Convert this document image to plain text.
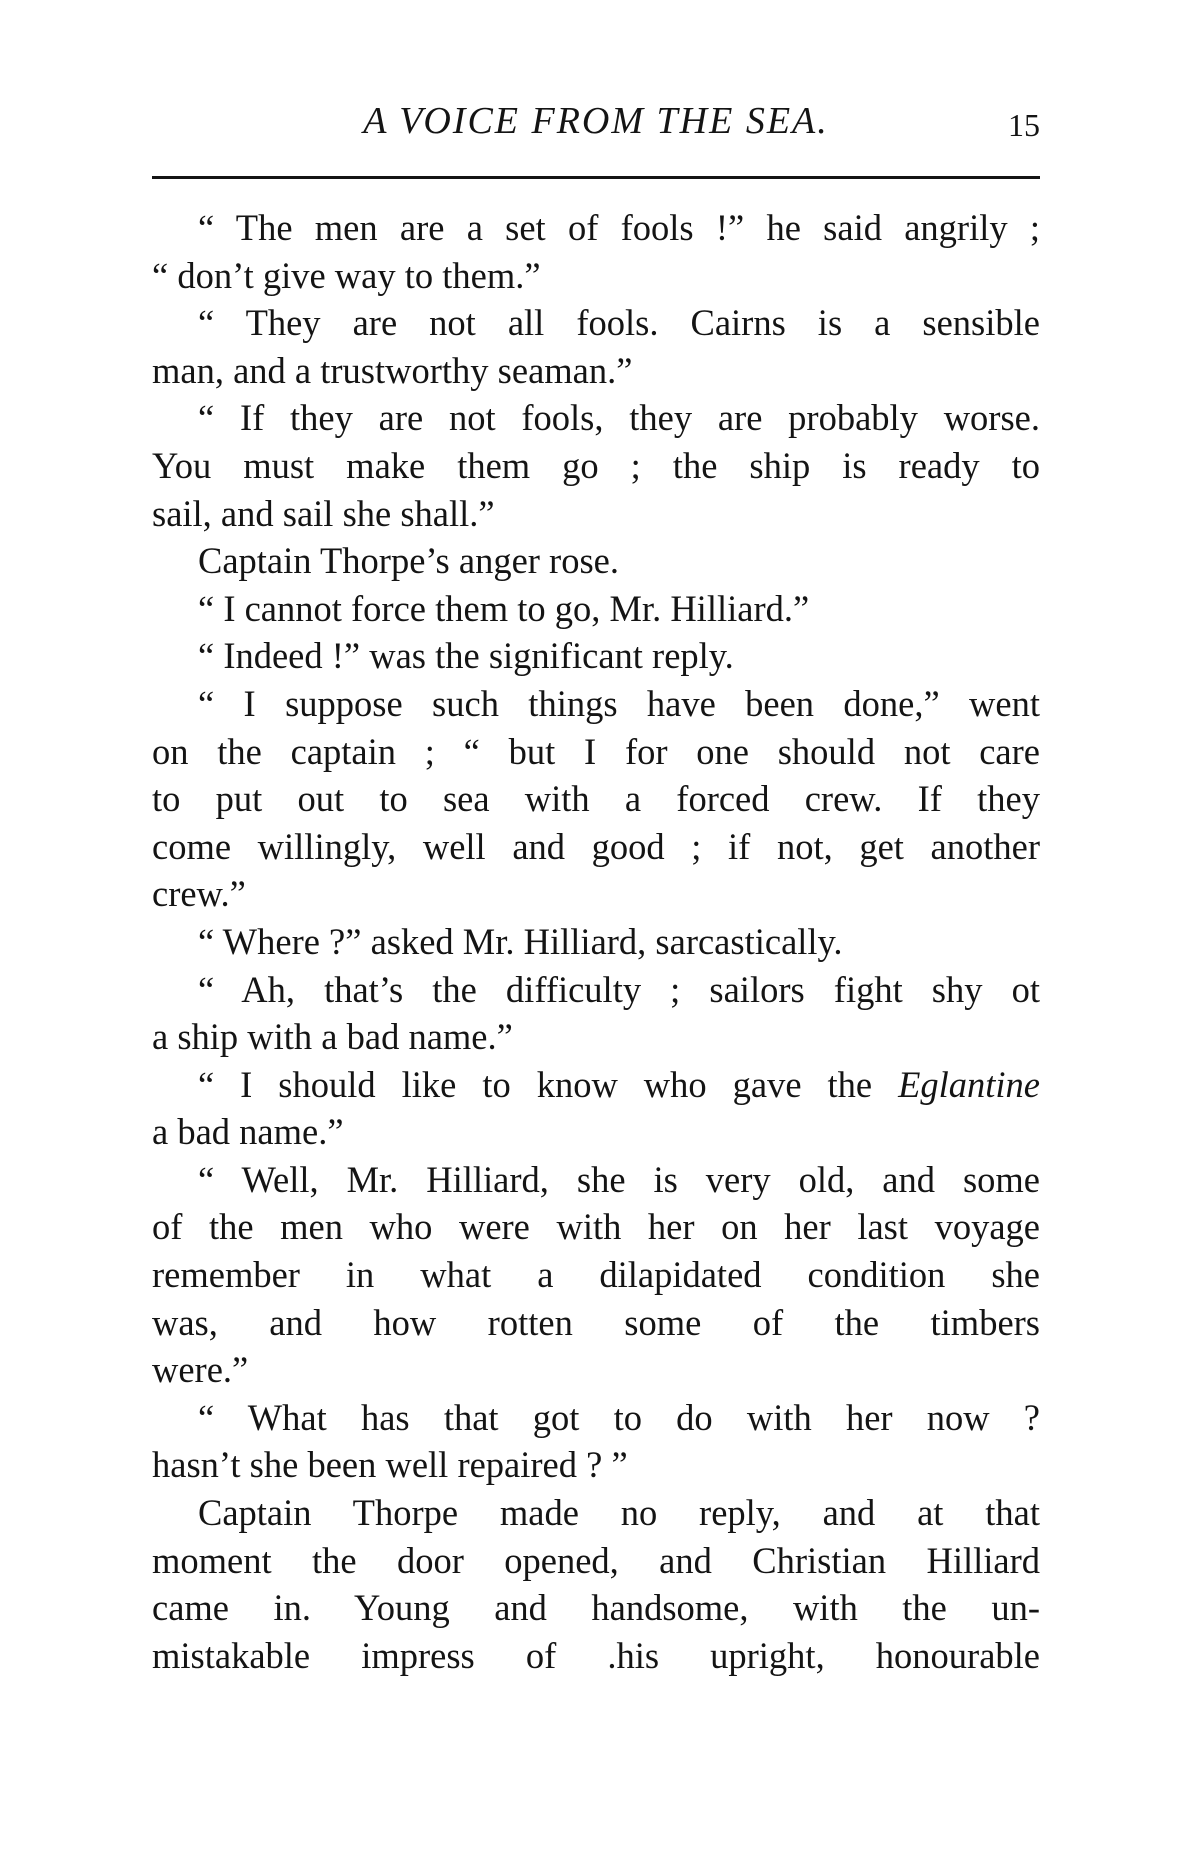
A VOICE FROM THE SEA.	15
“ The men are a set of fools !” he said angrily ;
“ don’t give way to them.”
“ They are not all fools. Cairns is a sensible
man, and a trustworthy seaman.”
“ If they are not fools, they are probably worse.
You must make them go ; the ship is ready to
sail, and sail she shall.”
Captain Thorpe’s anger rose.
“ I cannot force them to go, Mr. Hilliard.”
“ Indeed !” was the significant reply.
“ I suppose such things have been done,” went
on the captain ; “ but I for one should not care
to put out to sea with a forced crew. If they
come willingly, well and good ; if not, get another
crew.”
“ Where ?” asked Mr. Hilliard, sarcastically.
“ Ah, that’s the difficulty ; sailors fight shy ot
a ship with a bad name.”
“ I should like to know who gave the Eglantine
a bad name.”
“ Well, Mr. Hilliard, she is very old, and some
of the men who were with her on her last voyage
remember in what a dilapidated condition she
was, and how rotten some of the timbers
were.”
“ What has that got to do with her now ?
hasn’t she been well repaired ? ”
Captain Thorpe made no reply, and at that
moment the door opened, and Christian Hilliard
came in. Young and handsome, with the un-
mistakable impress of .his upright, honourable
